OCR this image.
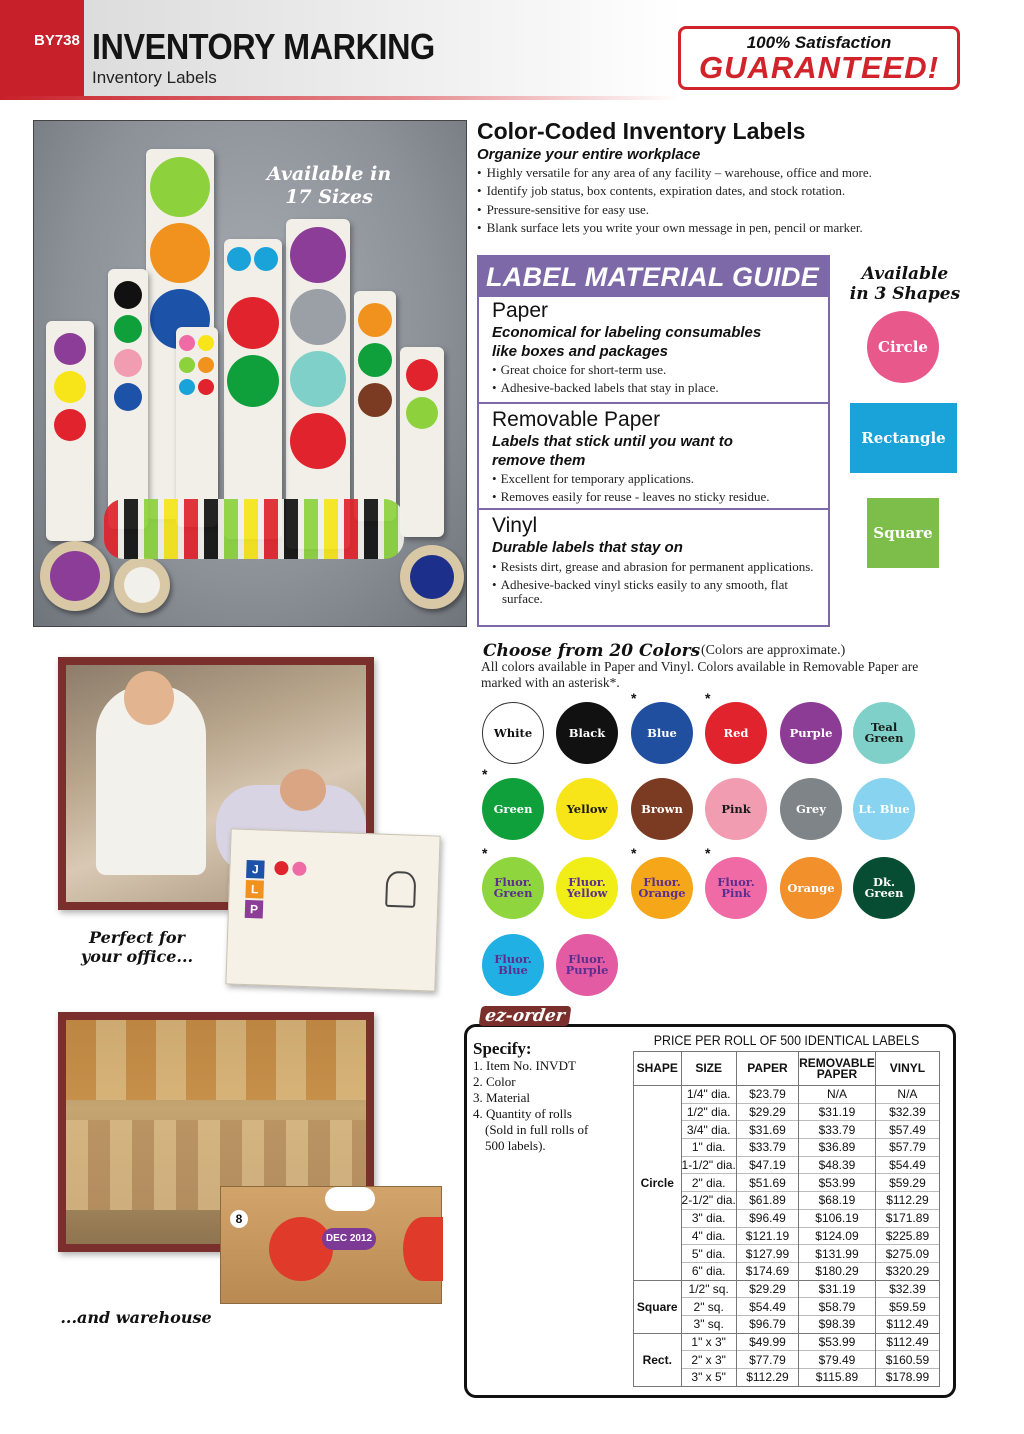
BY738 INVENTORY MARKING
Inventory Labels
100% Satisfaction
GUARANTEED!
Available in
17 Sizes
Color-Coded Inventory Labels
Organize your entire workplace
• Highly versatile for any area of any facility – warehouse, office and more.
• Identify job status, box contents, expiration dates, and stock rotation.
• Pressure-sensitive for easy use.
• Blank surface lets you write your own message in pen, pencil or marker.
LABEL MATERIAL GUIDE
Paper
Economical for labeling consumables
like boxes and packages
• Great choice for short-term use.
• Adhesive-backed labels that stay in place.
Removable Paper
Labels that stick until you want to
remove them
• Excellent for temporary applications.
• Removes easily for reuse - leaves no sticky residue.
Vinyl
Durable labels that stay on
• Resists dirt, grease and abrasion for permanent applications.
• Adhesive-backed vinyl sticks easily to any smooth, flat surface.
Available
in 3 Shapes
Circle
Rectangle
Square
Choose from 20 Colors (Colors are approximate.)
All colors available in Paper and Vinyl. Colors available in Removable Paper are marked with an asterisk*.
White	Black	Blue
*
Red
*
Purple	Teal
Green
Green
*
Yellow	Brown	Pink	Grey	Lt. Blue
Fluor.
Green
*
Fluor.
Yellow
Fluor.
Orange
*
Fluor.
Pink
*
Orange	Dk. Green
Fluor.
Blue
Fluor.
Purple
J
L
P
Perfect for
your office...
8
DEC 2012
...and warehouse
ez-order
Specify:
1. Item No. INVDT
2. Color
3. Material
4. Quantity of rolls
(Sold in full rolls of
500 labels).
PRICE PER ROLL OF 500 IDENTICAL LABELS
SHAPE	SIZE	PAPER	REMOVABLE PAPER	VINYL
Circle	1/4" dia.	$23.79	N/A	N/A
	1/2" dia.	$29.29	$31.19	$32.39
	3/4" dia.	$31.69	$33.79	$57.49
	1" dia.	$33.79	$36.89	$57.79
	1-1/2" dia.	$47.19	$48.39	$54.49
	2" dia.	$51.69	$53.99	$59.29
	2-1/2" dia.	$61.89	$68.19	$112.29
	3" dia.	$96.49	$106.19	$171.89
	4" dia.	$121.19	$124.09	$225.89
	5" dia.	$127.99	$131.99	$275.09
	6" dia.	$174.69	$180.29	$320.29
Square	1/2" sq.	$29.29	$31.19	$32.39
	2" sq.	$54.49	$58.79	$59.59
	3" sq.	$96.79	$98.39	$112.49
Rect.	1" x 3"	$49.99	$53.99	$112.49
	2" x 3"	$77.79	$79.49	$160.59
	3" x 5"	$112.29	$115.89	$178.99
